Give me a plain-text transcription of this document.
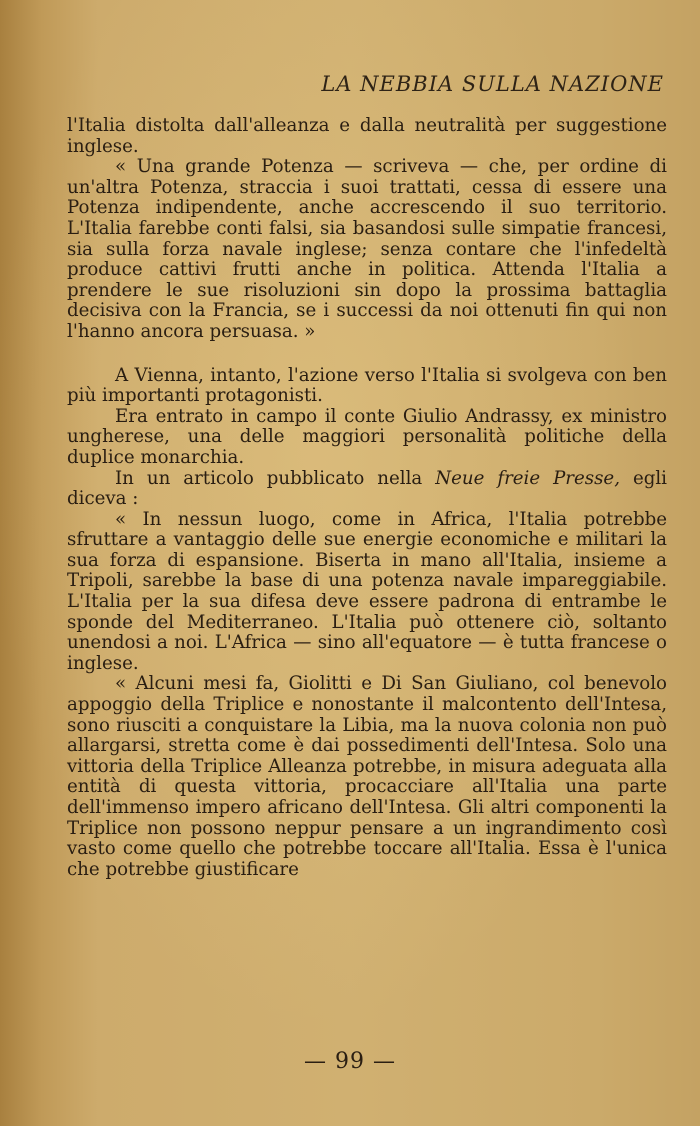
LA NEBBIA SULLA NAZIONE

l'Italia distolta dall'alleanza e dalla neutralità per suggestione inglese.

« Una grande Potenza — scriveva — che, per ordine di un'altra Potenza, straccia i suoi trattati, cessa di essere una Potenza indipendente, anche accrescendo il suo territorio. L'Italia farebbe conti falsi, sia basandosi sulle simpatie francesi, sia sulla forza navale inglese; senza contare che l'infedeltà produce cattivi frutti anche in politica. Attenda l'Italia a prendere le sue risoluzioni sin dopo la prossima battaglia decisiva con la Francia, se i successi da noi ottenuti fin qui non l'hanno ancora persuasa. »

A Vienna, intanto, l'azione verso l'Italia si svolgeva con ben più importanti protagonisti.

Era entrato in campo il conte Giulio Andrassy, ex ministro ungherese, una delle maggiori personalità politiche della duplice monarchia.

In un articolo pubblicato nella Neue freie Presse, egli diceva :

« In nessun luogo, come in Africa, l'Italia potrebbe sfruttare a vantaggio delle sue energie economiche e militari la sua forza di espansione. Biserta in mano all'Italia, insieme a Tripoli, sarebbe la base di una potenza navale impareggiabile. L'Italia per la sua difesa deve essere padrona di entrambe le sponde del Mediterraneo. L'Italia può ottenere ciò, soltanto unendosi a noi. L'Africa — sino all'equatore — è tutta francese o inglese.

« Alcuni mesi fa, Giolitti e Di San Giuliano, col benevolo appoggio della Triplice e nonostante il malcontento dell'Intesa, sono riusciti a conquistare la Libia, ma la nuova colonia non può allargarsi, stretta come è dai possedimenti dell'Intesa. Solo una vittoria della Triplice Alleanza potrebbe, in misura adeguata alla entità di questa vittoria, procacciare all'Italia una parte dell'immenso impero africano dell'Intesa. Gli altri componenti la Triplice non possono neppur pensare a un ingrandimento così vasto come quello che potrebbe toccare all'Italia. Essa è l'unica che potrebbe giustificare

— 99 —
